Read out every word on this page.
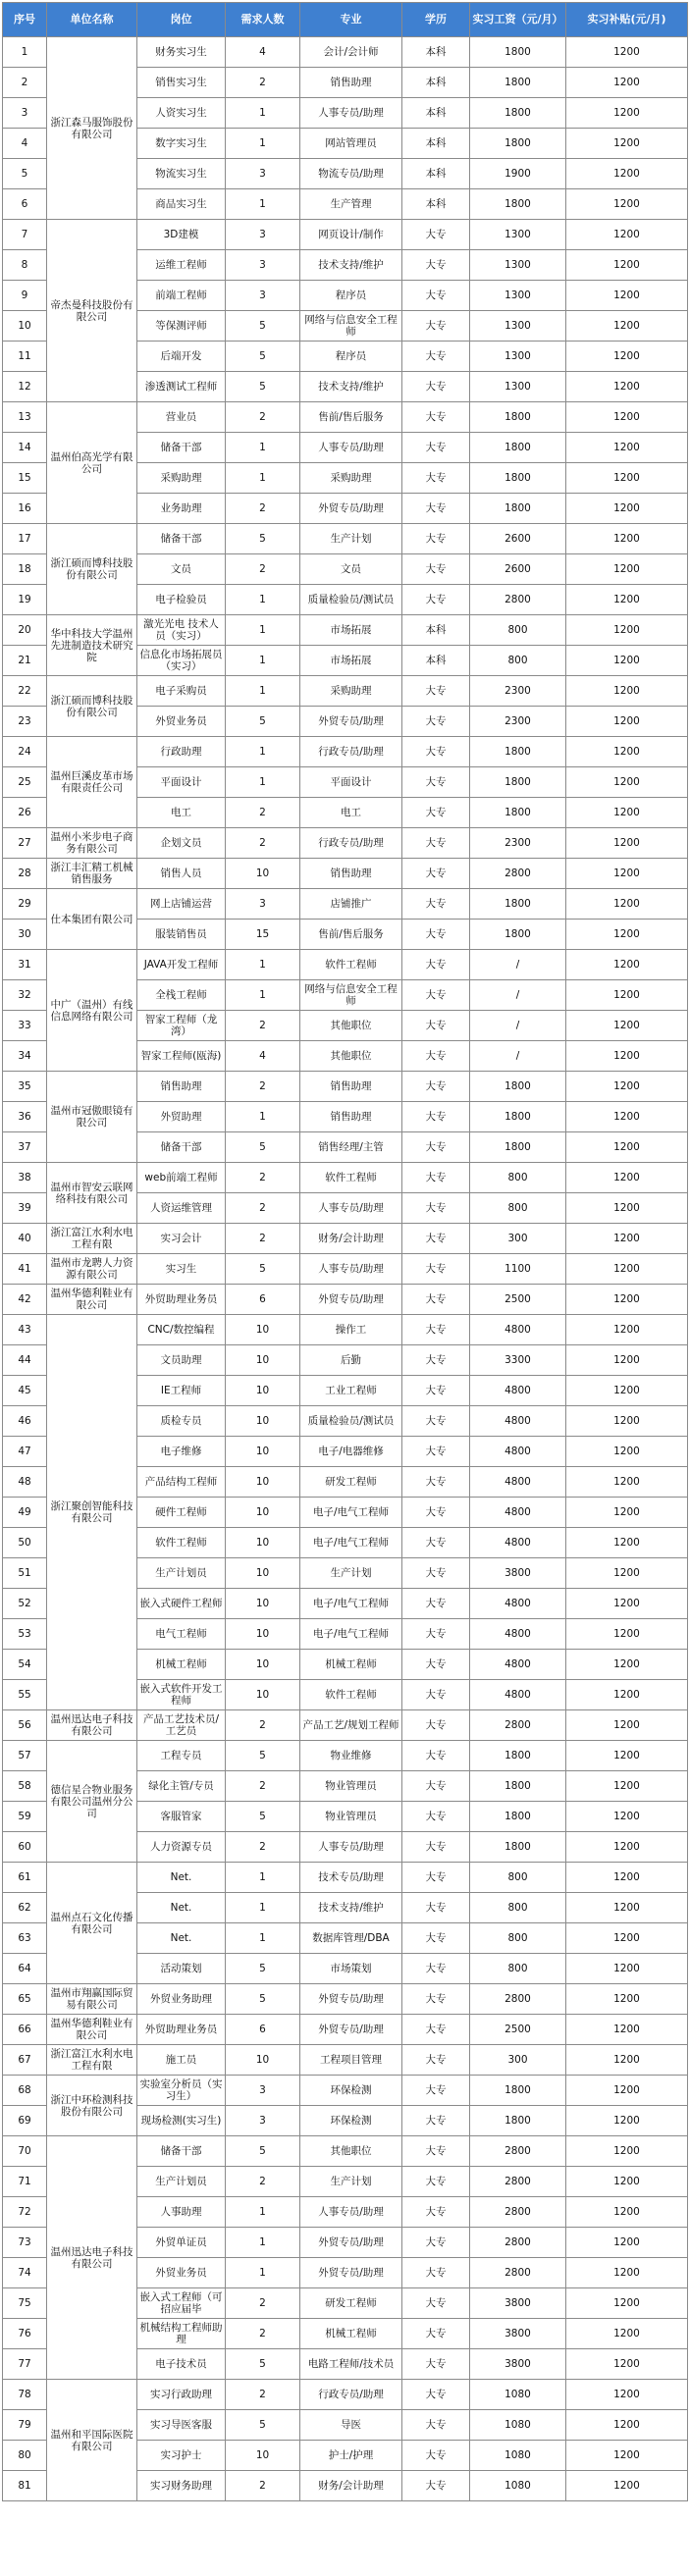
序号	单位名称	岗位	需求人数	专业	学历	实习工资（元/月）	实习补贴(元/月)
1	浙江森马服饰股份有限公司	财务实习生	4	会计/会计师	本科	1800	1200
2		销售实习生	2	销售助理	本科	1800	1200
3		人资实习生	1	人事专员/助理	本科	1800	1200
4		数字实习生	1	网站管理员	本科	1800	1200
5		物流实习生	3	物流专员/助理	本科	1900	1200
6		商品实习生	1	生产管理	本科	1800	1200
7	帝杰曼科技股份有限公司	3D建模	3	网页设计/制作	大专	1300	1200
8		运维工程师	3	技术支持/维护	大专	1300	1200
9		前端工程师	3	程序员	大专	1300	1200
10		等保测评师	5	网络与信息安全工程师	大专	1300	1200
11		后端开发	5	程序员	大专	1300	1200
12		渗透测试工程师	5	技术支持/维护	大专	1300	1200
13	温州伯高光学有限公司	营业员	2	售前/售后服务	大专	1800	1200
14		储备干部	1	人事专员/助理	大专	1800	1200
15		采购助理	1	采购助理	大专	1800	1200
16		业务助理	2	外贸专员/助理	大专	1800	1200
17	浙江硕而博科技股份有限公司	储备干部	5	生产计划	大专	2600	1200
18		文员	2	文员	大专	2600	1200
19		电子检验员	1	质量检验员/测试员	大专	2800	1200
20	华中科技大学温州先进制造技术研究院	激光光电 技术人员（实习）	1	市场拓展	本科	800	1200
21		信息化市场拓展员（实习）	1	市场拓展	本科	800	1200
22	浙江硕而博科技股份有限公司	电子采购员	1	采购助理	大专	2300	1200
23		外贸业务员	5	外贸专员/助理	大专	2300	1200
24	温州巨溪皮革市场有限责任公司	行政助理	1	行政专员/助理	大专	1800	1200
25		平面设计	1	平面设计	大专	1800	1200
26		电工	2	电工	大专	1800	1200
27	温州小米步电子商务有限公司	企划文员	2	行政专员/助理	大专	2300	1200
28	浙江丰汇精工机械销售服务	销售人员	10	销售助理	大专	2800	1200
29	仕本集团有限公司	网上店铺运营	3	店铺推广	大专	1800	1200
30		服装销售员	15	售前/售后服务	大专	1800	1200
31	中广（温州）有线信息网络有限公司	JAVA开发工程师	1	软件工程师	大专	/	1200
32		全栈工程师	1	网络与信息安全工程师	大专	/	1200
33		智家工程师（龙湾）	2	其他职位	大专	/	1200
34		智家工程师(瓯海)	4	其他职位	大专	/	1200
35	温州市冠傲眼镜有限公司	销售助理	2	销售助理	大专	1800	1200
36		外贸助理	1	销售助理	大专	1800	1200
37		储备干部	5	销售经理/主管	大专	1800	1200
38	温州市智安云联网络科技有限公司	web前端工程师	2	软件工程师	大专	800	1200
39		人资运维管理	2	人事专员/助理	大专	800	1200
40	浙江富江水利水电工程有限	实习会计	2	财务/会计助理	大专	300	1200
41	温州市龙聘人力资源有限公司	实习生	5	人事专员/助理	大专	1100	1200
42	温州华德利鞋业有限公司	外贸助理业务员	6	外贸专员/助理	大专	2500	1200
43	浙江聚创智能科技有限公司	CNC/数控编程	10	操作工	大专	4800	1200
44		文员助理	10	后勤	大专	3300	1200
45		IE工程师	10	工业工程师	大专	4800	1200
46		质检专员	10	质量检验员/测试员	大专	4800	1200
47		电子维修	10	电子/电器维修	大专	4800	1200
48		产品结构工程师	10	研发工程师	大专	4800	1200
49		硬件工程师	10	电子/电气工程师	大专	4800	1200
50		软件工程师	10	电子/电气工程师	大专	4800	1200
51		生产计划员	10	生产计划	大专	3800	1200
52		嵌入式硬件工程师	10	电子/电气工程师	大专	4800	1200
53		电气工程师	10	电子/电气工程师	大专	4800	1200
54		机械工程师	10	机械工程师	大专	4800	1200
55		嵌入式软件开发工程师	10	软件工程师	大专	4800	1200
56	温州迅达电子科技有限公司	产品工艺技术员/工艺员	2	产品工艺/规划工程师	大专	2800	1200
57	德信星合物业服务有限公司温州分公司	工程专员	5	物业维修	大专	1800	1200
58		绿化主管/专员	2	物业管理员	大专	1800	1200
59		客服管家	5	物业管理员	大专	1800	1200
60		人力资源专员	2	人事专员/助理	大专	1800	1200
61	温州点石文化传播有限公司	Net.	1	技术专员/助理	大专	800	1200
62		Net.	1	技术支持/维护	大专	800	1200
63		Net.	1	数据库管理/DBA	大专	800	1200
64		活动策划	5	市场策划	大专	800	1200
65	温州市翔赢国际贸易有限公司	外贸业务助理	5	外贸专员/助理	大专	2800	1200
66	温州华德利鞋业有限公司	外贸助理业务员	6	外贸专员/助理	大专	2500	1200
67	浙江富江水利水电工程有限	施工员	10	工程项目管理	大专	300	1200
68	浙江中环检测科技股份有限公司	实验室分析员（实习生）	3	环保检测	大专	1800	1200
69		现场检测(实习生)	3	环保检测	大专	1800	1200
70	温州迅达电子科技有限公司	储备干部	5	其他职位	大专	2800	1200
71		生产计划员	2	生产计划	大专	2800	1200
72		人事助理	1	人事专员/助理	大专	2800	1200
73		外贸单证员	1	外贸专员/助理	大专	2800	1200
74		外贸业务员	1	外贸专员/助理	大专	2800	1200
75		嵌入式工程师（可招应届毕	2	研发工程师	大专	3800	1200
76		机械结构工程师助理	2	机械工程师	大专	3800	1200
77		电子技术员	5	电路工程师/技术员	大专	3800	1200
78	温州和平国际医院有限公司	实习行政助理	2	行政专员/助理	大专	1080	1200
79		实习导医客服	5	导医	大专	1080	1200
80		实习护士	10	护士/护理	大专	1080	1200
81		实习财务助理	2	财务/会计助理	大专	1080	1200
